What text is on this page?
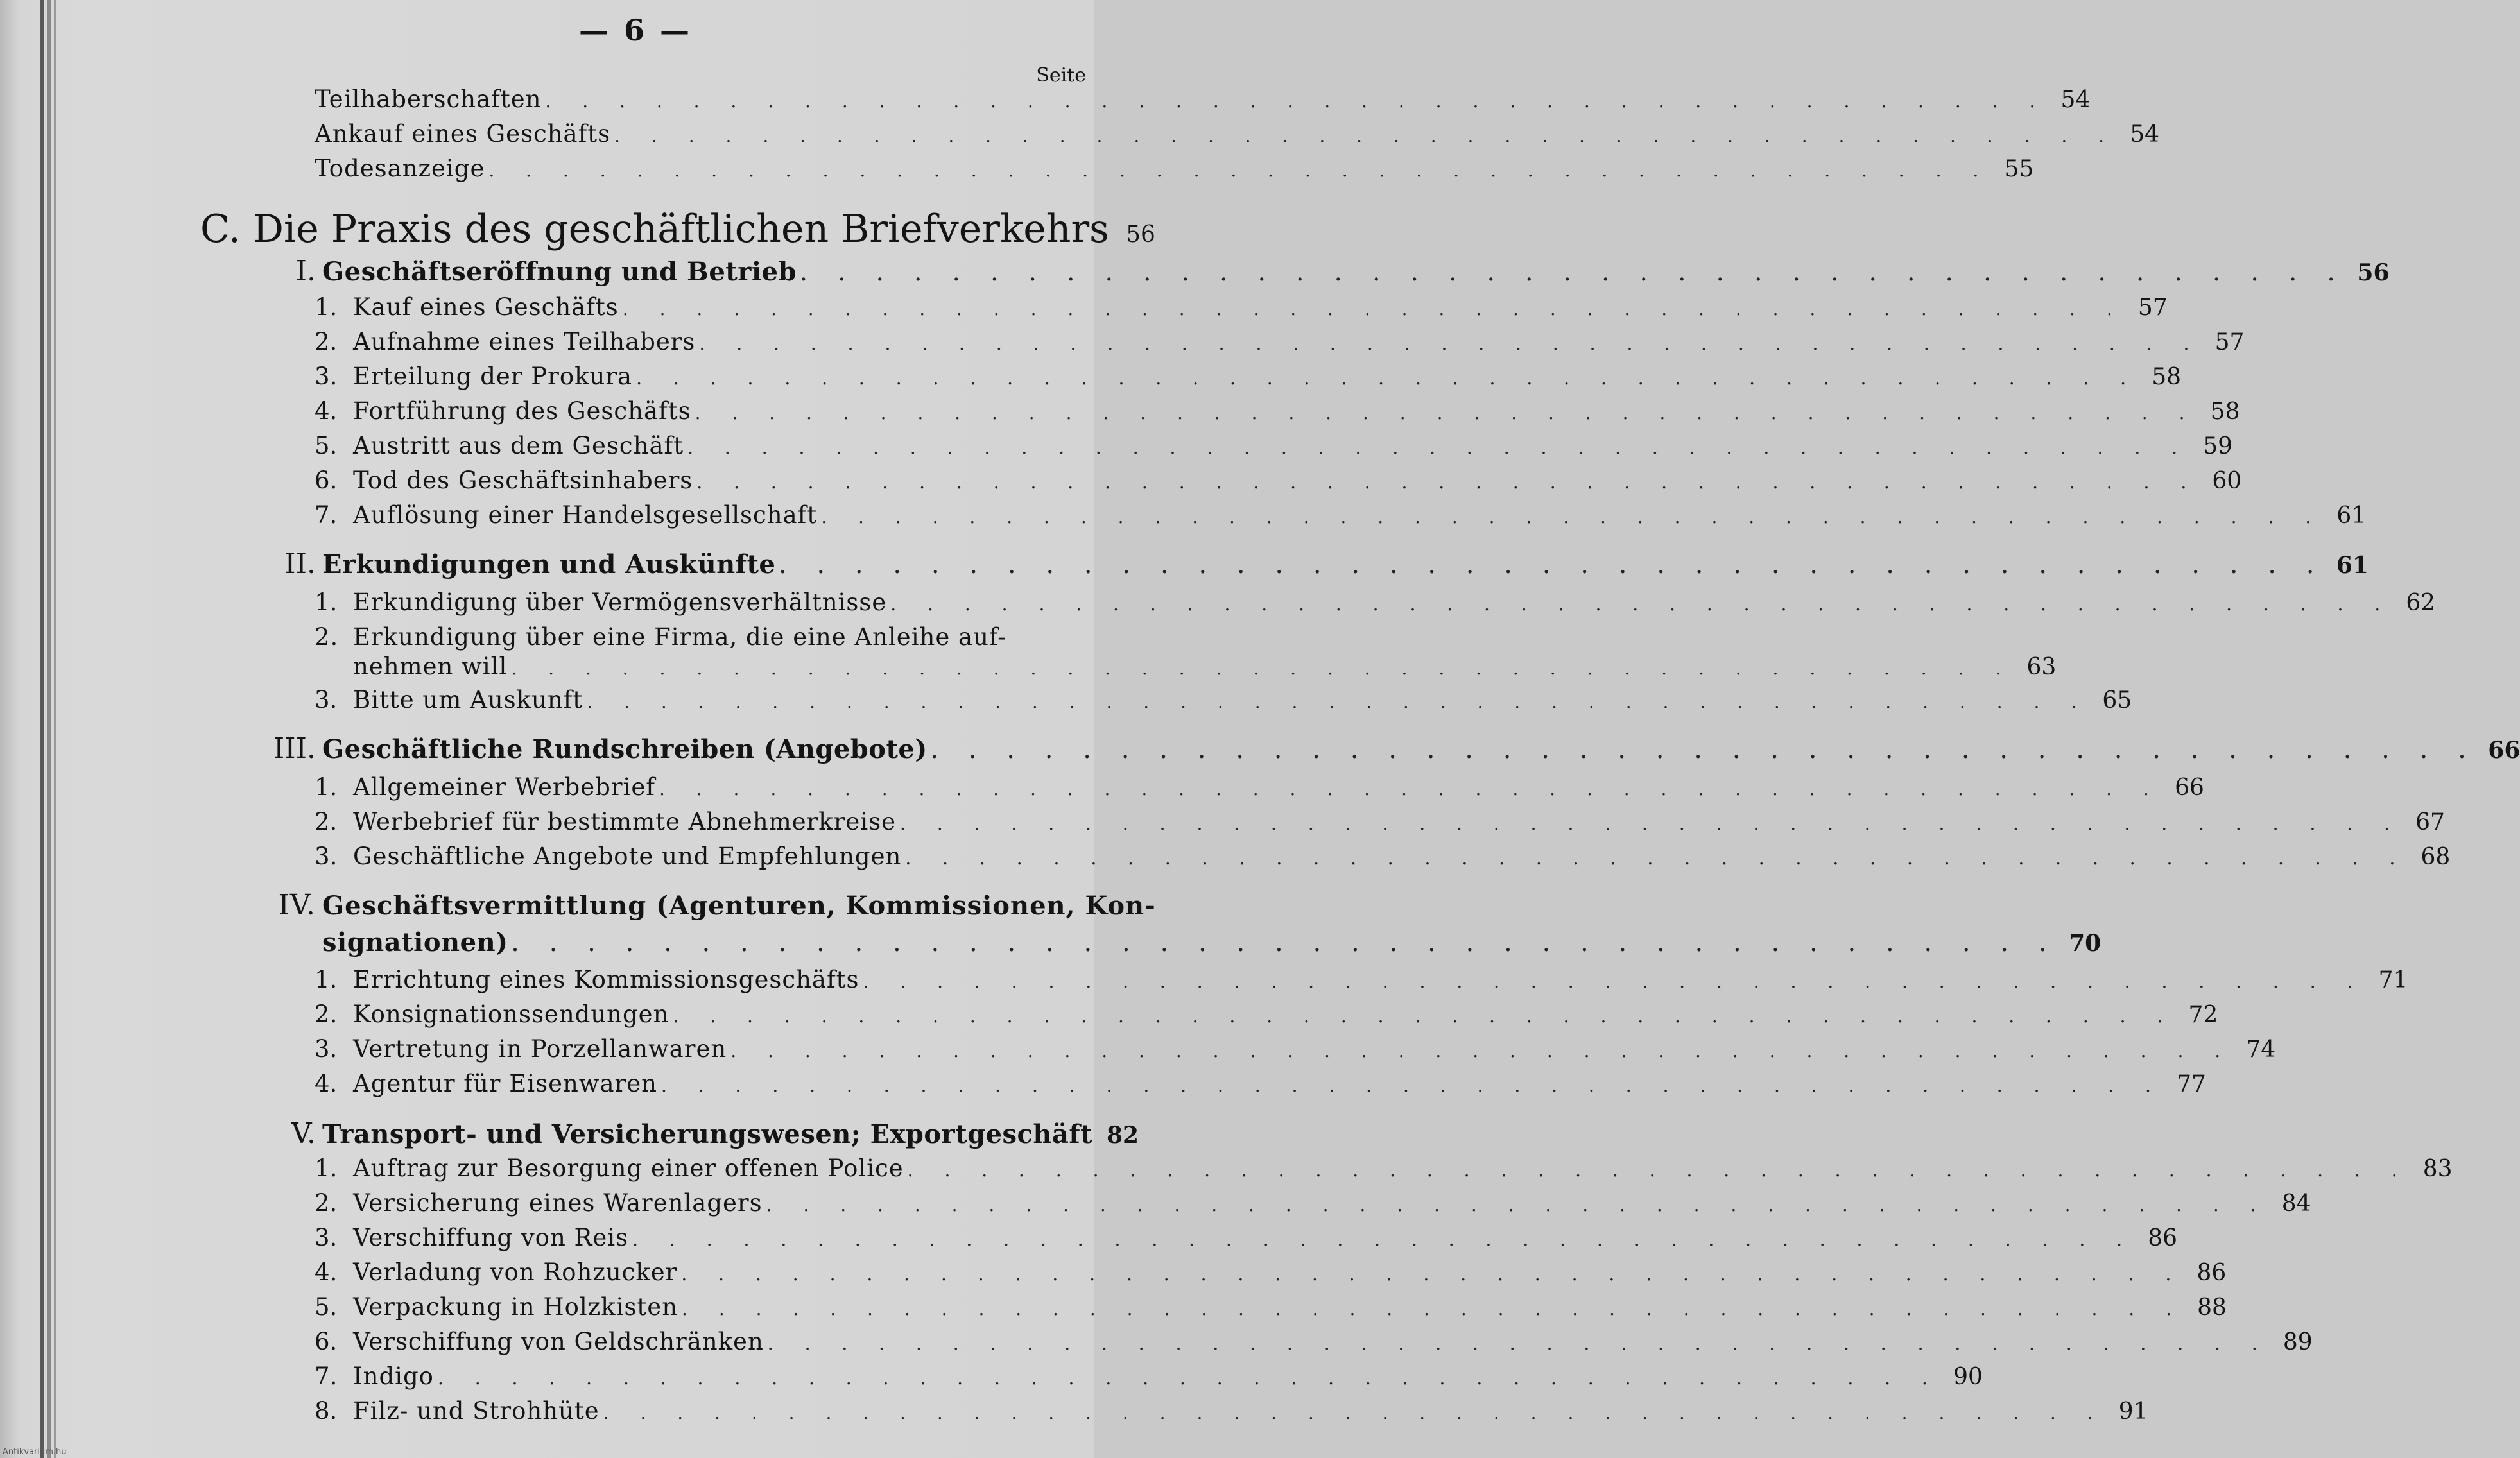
— 6 —
Seite
Teilhaberschaften . . . . . . . . . . . . . . . . . . . . . . . . . . . . . . . . . . . . . . . . . 54
Ankauf eines Geschäfts . . . . . . . . . . . . . . . . . . . . . . . . . . . . . . . . . . . . . . . . . 54
Todesanzeige . . . . . . . . . . . . . . . . . . . . . . . . . . . . . . . . . . . . . . . . . 55
C. Die Praxis des geschäftlichen Briefverkehrs 56
I. Geschäftseröffnung und Betrieb . . . . . . . . . . . . . . . . . . . . . . . . . . . . . . . . . . . . . . . . . 56
1. Kauf eines Geschäfts . . . . . . . . . . . . . . . . . . . . . . . . . . . . . . . . . . . . . . . . . 57
2. Aufnahme eines Teilhabers . . . . . . . . . . . . . . . . . . . . . . . . . . . . . . . . . . . . . . . . . 57
3. Erteilung der Prokura . . . . . . . . . . . . . . . . . . . . . . . . . . . . . . . . . . . . . . . . . 58
4. Fortführung des Geschäfts . . . . . . . . . . . . . . . . . . . . . . . . . . . . . . . . . . . . . . . . . 58
5. Austritt aus dem Geschäft . . . . . . . . . . . . . . . . . . . . . . . . . . . . . . . . . . . . . . . . . 59
6. Tod des Geschäftsinhabers . . . . . . . . . . . . . . . . . . . . . . . . . . . . . . . . . . . . . . . . . 60
7. Auflösung einer Handelsgesellschaft . . . . . . . . . . . . . . . . . . . . . . . . . . . . . . . . . . . . . . . . . 61
II. Erkundigungen und Auskünfte . . . . . . . . . . . . . . . . . . . . . . . . . . . . . . . . . . . . . . . . . 61
1. Erkundigung über Vermögensverhältnisse . . . . . . . . . . . . . . . . . . . . . . . . . . . . . . . . . . . . . . . . . 62
2. Erkundigung über eine Firma, die eine Anleihe auf-
nehmen will . . . . . . . . . . . . . . . . . . . . . . . . . . . . . . . . . . . . . . . . . 63
3. Bitte um Auskunft . . . . . . . . . . . . . . . . . . . . . . . . . . . . . . . . . . . . . . . . . 65
III. Geschäftliche Rundschreiben (Angebote) . . . . . . . . . . . . . . . . . . . . . . . . . . . . . . . . . . . . . . . . . 66
1. Allgemeiner Werbebrief . . . . . . . . . . . . . . . . . . . . . . . . . . . . . . . . . . . . . . . . . 66
2. Werbebrief für bestimmte Abnehmerkreise . . . . . . . . . . . . . . . . . . . . . . . . . . . . . . . . . . . . . . . . . 67
3. Geschäftliche Angebote und Empfehlungen . . . . . . . . . . . . . . . . . . . . . . . . . . . . . . . . . . . . . . . . . 68
IV. Geschäftsvermittlung (Agenturen, Kommissionen, Kon-
signationen) . . . . . . . . . . . . . . . . . . . . . . . . . . . . . . . . . . . . . . . . . 70
1. Errichtung eines Kommissionsgeschäfts . . . . . . . . . . . . . . . . . . . . . . . . . . . . . . . . . . . . . . . . . 71
2. Konsignationssendungen . . . . . . . . . . . . . . . . . . . . . . . . . . . . . . . . . . . . . . . . . 72
3. Vertretung in Porzellanwaren . . . . . . . . . . . . . . . . . . . . . . . . . . . . . . . . . . . . . . . . . 74
4. Agentur für Eisenwaren . . . . . . . . . . . . . . . . . . . . . . . . . . . . . . . . . . . . . . . . . 77
V. Transport- und Versicherungswesen; Exportgeschäft 82
1. Auftrag zur Besorgung einer offenen Police . . . . . . . . . . . . . . . . . . . . . . . . . . . . . . . . . . . . . . . . . 83
2. Versicherung eines Warenlagers . . . . . . . . . . . . . . . . . . . . . . . . . . . . . . . . . . . . . . . . . 84
3. Verschiffung von Reis . . . . . . . . . . . . . . . . . . . . . . . . . . . . . . . . . . . . . . . . . 86
4. Verladung von Rohzucker . . . . . . . . . . . . . . . . . . . . . . . . . . . . . . . . . . . . . . . . . 86
5. Verpackung in Holzkisten . . . . . . . . . . . . . . . . . . . . . . . . . . . . . . . . . . . . . . . . . 88
6. Verschiffung von Geldschränken . . . . . . . . . . . . . . . . . . . . . . . . . . . . . . . . . . . . . . . . . 89
7. Indigo . . . . . . . . . . . . . . . . . . . . . . . . . . . . . . . . . . . . . . . . . 90
8. Filz- und Strohhüte . . . . . . . . . . . . . . . . . . . . . . . . . . . . . . . . . . . . . . . . . 91
Antikvarium.hu
